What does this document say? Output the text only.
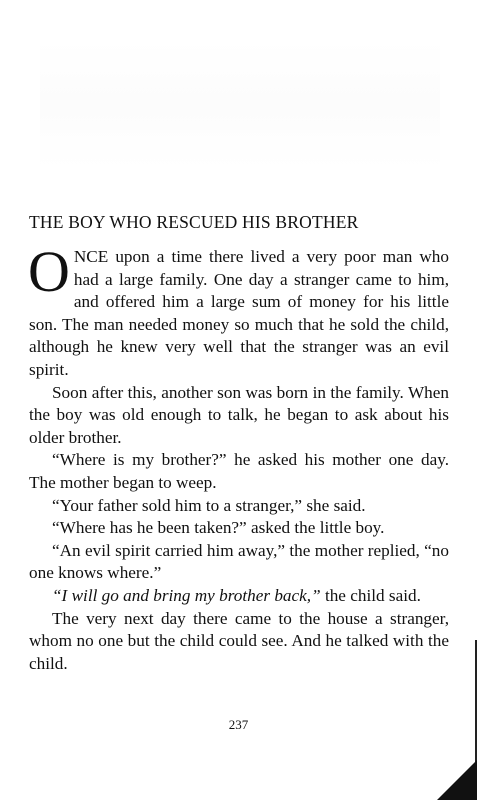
THE BOY WHO RESCUED HIS BROTHER

ONCE upon a time there lived a very poor man who had a large family. One day a stranger came to him, and offered him a large sum of money for his little son. The man needed money so much that he sold the child, although he knew very well that the stranger was an evil spirit.

Soon after this, another son was born in the family. When the boy was old enough to talk, he began to ask about his older brother.

“Where is my brother?” he asked his mother one day. The mother began to weep.

“Your father sold him to a stranger,” she said.

“Where has he been taken?” asked the little boy.

“An evil spirit carried him away,” the mother replied, “no one knows where.”

“I will go and bring my brother back,” the child said.

The very next day there came to the house a stranger, whom no one but the child could see. And he talked with the child.

237
